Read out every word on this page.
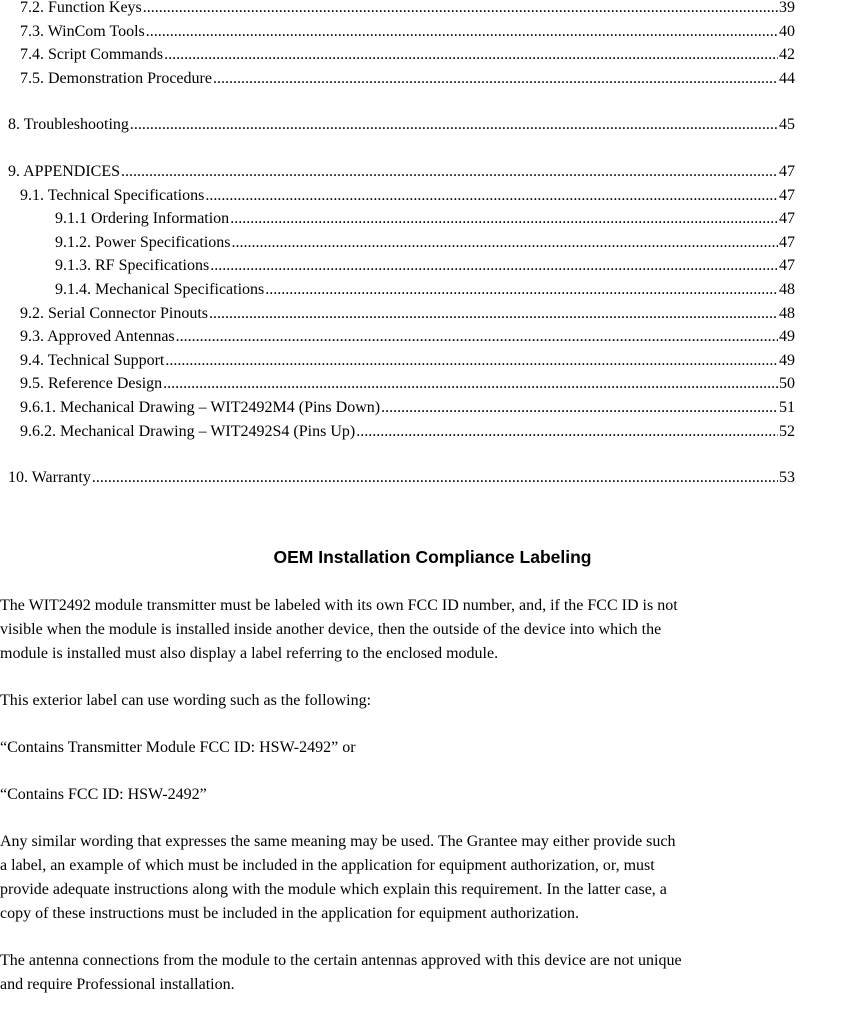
7.2. Function Keys .....	39
7.3. WinCom Tools .....	40
7.4. Script Commands .....	42
7.5. Demonstration Procedure .....	44
8. Troubleshooting .....	45
9. APPENDICES .....	47
9.1. Technical Specifications .....	47
9.1.1 Ordering Information .....	47
9.1.2. Power Specifications .....	47
9.1.3. RF Specifications .....	47
9.1.4. Mechanical Specifications .....	48
9.2. Serial Connector Pinouts .....	48
9.3. Approved Antennas .....	49
9.4. Technical Support .....	49
9.5. Reference Design .....	50
9.6.1. Mechanical Drawing – WIT2492M4 (Pins Down) .....	51
9.6.2. Mechanical Drawing – WIT2492S4 (Pins Up) .....	52
10. Warranty .....	53
OEM Installation Compliance Labeling
The WIT2492 module transmitter must be labeled with its own FCC ID number, and, if the FCC ID is not
visible when the module is installed inside another device, then the outside of the device into which the
module is installed must also display a label referring to the enclosed module.
This exterior label can use wording such as the following:
“Contains Transmitter Module FCC ID: HSW-2492” or
“Contains FCC ID: HSW-2492”
Any similar wording that expresses the same meaning may be used. The Grantee may either provide such
a label, an example of which must be included in the application for equipment authorization, or, must
provide adequate instructions along with the module which explain this requirement. In the latter case, a
copy of these instructions must be included in the application for equipment authorization.
The antenna connections from the module to the certain antennas approved with this device are not unique
and require Professional installation.
